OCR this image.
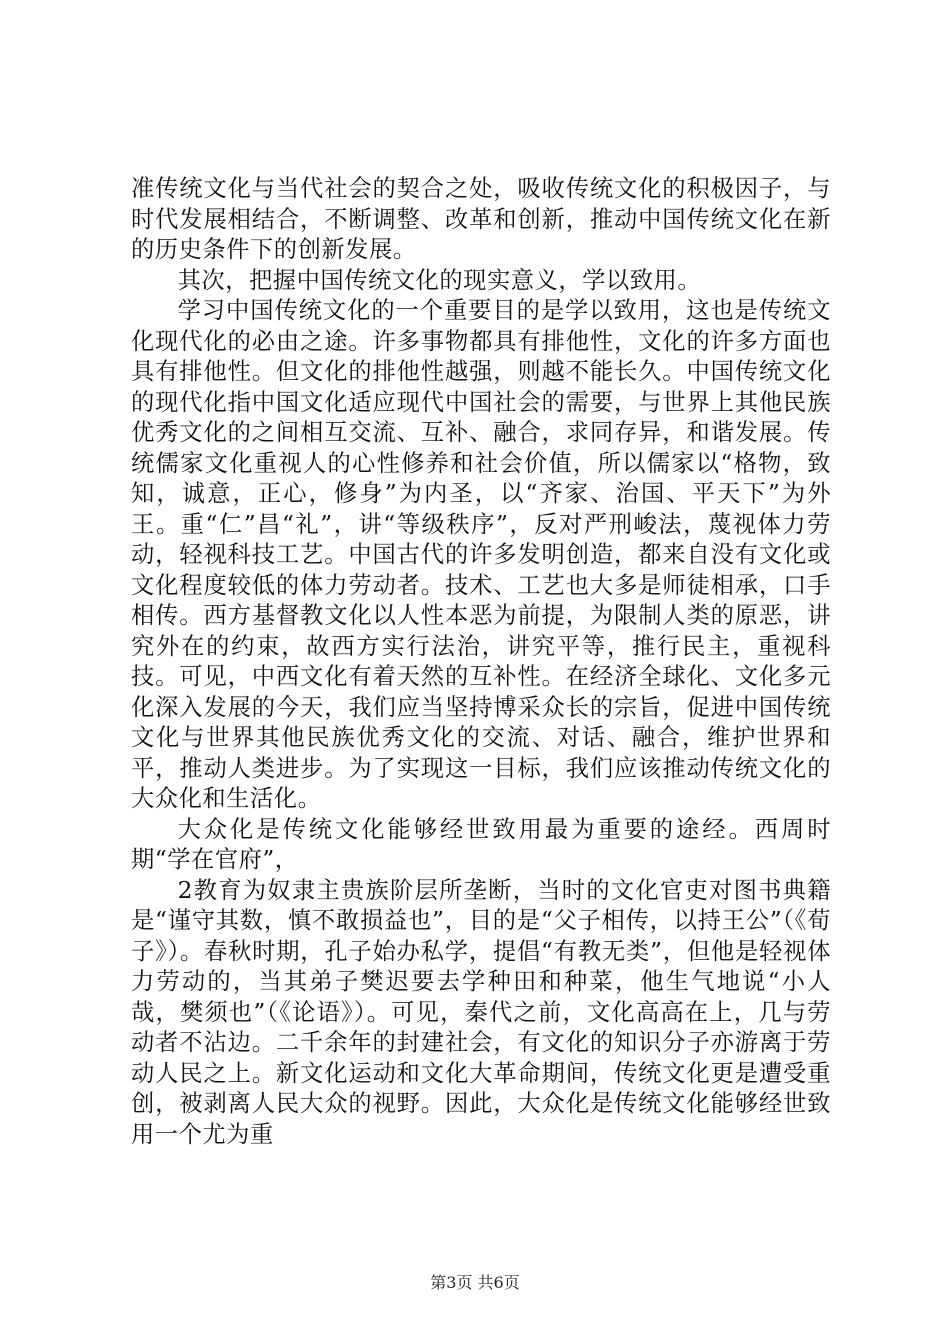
准传统文化与当代社会的契合之处，吸收传统文化的积极因子，与时代发展相结合，不断调整、改革和创新，推动中国传统文化在新的历史条件下的创新发展。

其次，把握中国传统文化的现实意义，学以致用。

学习中国传统文化的一个重要目的是学以致用，这也是传统文化现代化的必由之途。许多事物都具有排他性，文化的许多方面也具有排他性。但文化的排他性越强，则越不能长久。中国传统文化的现代化指中国文化适应现代中国社会的需要，与世界上其他民族优秀文化的之间相互交流、互补、融合，求同存异，和谐发展。传统儒家文化重视人的心性修养和社会价值，所以儒家以“格物，致知，诚意，正心，修身”为内圣，以“齐家、治国、平天下”为外王。重“仁”昌“礼”，讲“等级秩序”，反对严刑峻法，蔑视体力劳动，轻视科技工艺。中国古代的许多发明创造，都来自没有文化或文化程度较低的体力劳动者。技术、工艺也大多是师徒相承，口手相传。西方基督教文化以人性本恶为前提，为限制人类的原恶，讲究外在的约束，故西方实行法治，讲究平等，推行民主，重视科技。可见，中西文化有着天然的互补性。在经济全球化、文化多元化深入发展的今天，我们应当坚持博采众长的宗旨，促进中国传统文化与世界其他民族优秀文化的交流、对话、融合，维护世界和平，推动人类进步。为了实现这一目标，我们应该推动传统文化的大众化和生活化。

大众化是传统文化能够经世致用最为重要的途经。西周时期“学在官府”，

2教育为奴隶主贵族阶层所垄断，当时的文化官吏对图书典籍是“谨守其数，慎不敢损益也”，目的是“父子相传，以持王公”（《荀子》）。春秋时期，孔子始办私学，提倡“有教无类”，但他是轻视体力劳动的，当其弟子樊迟要去学种田和种菜，他生气地说“小人哉，樊须也”（《论语》）。可见，秦代之前，文化高高在上，几与劳动者不沾边。二千余年的封建社会，有文化的知识分子亦游离于劳动人民之上。新文化运动和文化大革命期间，传统文化更是遭受重创，被剥离人民大众的视野。因此，大众化是传统文化能够经世致用一个尤为重

第3页 共6页
